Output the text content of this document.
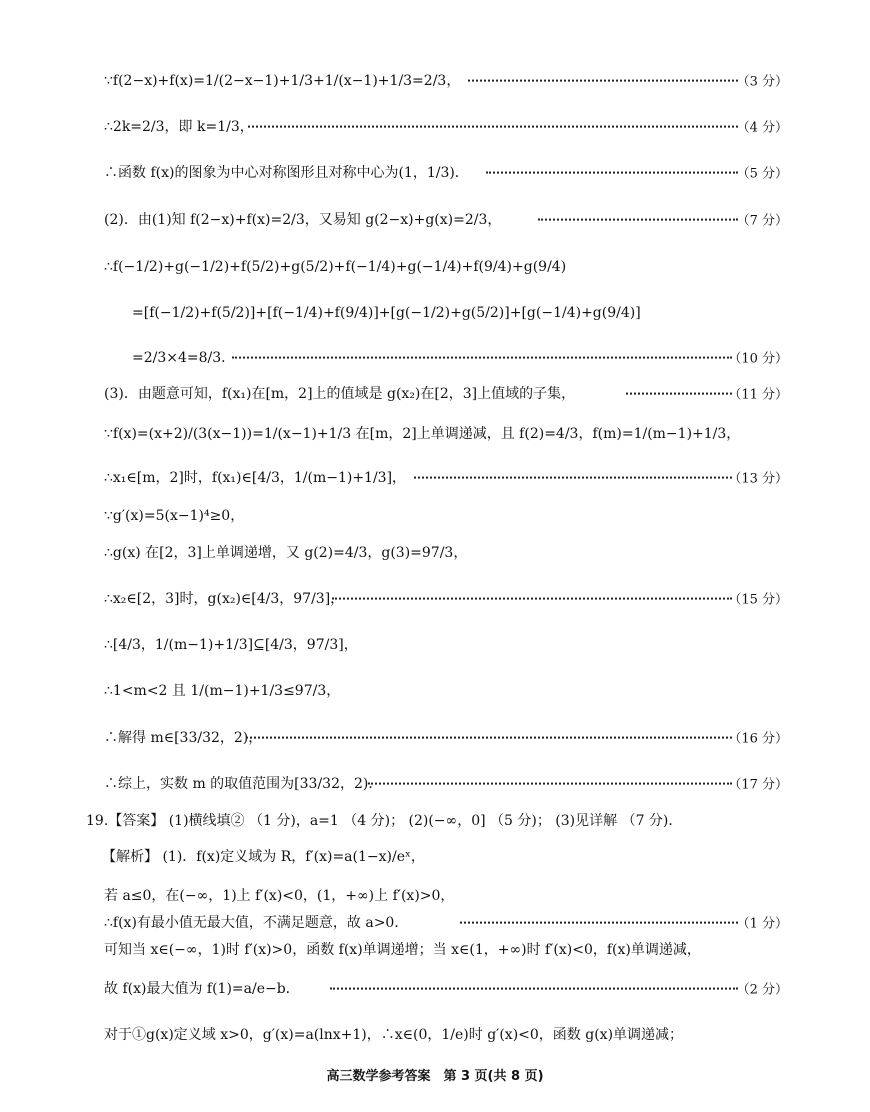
∵f(2−x)+f(x)=1/(2−x−1)+1/3+1/(x−1)+1/3=2/3，	（3 分）
∴2k=2/3，即 k=1/3，	（4 分）
∴函数 f(x)的图象为中心对称图形且对称中心为(1，1/3)．	（5 分）
(2)．由(1)知 f(2−x)+f(x)=2/3，又易知 g(2−x)+g(x)=2/3，	（7 分）
∴f(−1/2)+g(−1/2)+f(5/2)+g(5/2)+f(−1/4)+g(−1/4)+f(9/4)+g(9/4)
=[f(−1/2)+f(5/2)]+[f(−1/4)+f(9/4)]+[g(−1/2)+g(5/2)]+[g(−1/4)+g(9/4)]
=2/3×4=8/3．	（10 分）
(3)．由题意可知，f(x₁)在[m，2]上的值域是 g(x₂)在[2，3]上值域的子集，	（11 分）
∵f(x)=(x+2)/(3(x−1))=1/(x−1)+1/3 在[m，2]上单调递减，且 f(2)=4/3，f(m)=1/(m−1)+1/3，
∴x₁∈[m，2]时，f(x₁)∈[4/3，1/(m−1)+1/3]，	（13 分）
∵g′(x)=5(x−1)⁴≥0，
∴g(x) 在[2，3]上单调递增，又 g(2)=4/3，g(3)=97/3，
∴x₂∈[2，3]时，g(x₂)∈[4/3，97/3]，	（15 分）
∴[4/3，1/(m−1)+1/3]⊆[4/3，97/3]，
∴1<m<2 且 1/(m−1)+1/3≤97/3，
∴解得 m∈[33/32，2)，	（16 分）
∴综上，实数 m 的取值范围为[33/32，2)．	（17 分）
19.【答案】 (1)横线填② （1 分)，a=1 （4 分)； (2)(−∞，0] （5 分)； (3)见详解 （7 分)．
【解析】 (1)．f(x)定义域为 R，f′(x)=a(1−x)/eˣ，
若 a≤0，在(−∞，1)上 f′(x)<0，(1，+∞)上 f′(x)>0，
∴f(x)有最小值无最大值，不满足题意，故 a>0．	（1 分）
可知当 x∈(−∞，1)时 f′(x)>0，函数 f(x)单调递增；当 x∈(1，+∞)时 f′(x)<0，f(x)单调递减，
故 f(x)最大值为 f(1)=a/e−b．	（2 分）
对于①g(x)定义域 x>0，g′(x)=a(lnx+1)，∴x∈(0，1/e)时 g′(x)<0，函数 g(x)单调递减；
高三数学参考答案　第 3 页(共 8 页)
